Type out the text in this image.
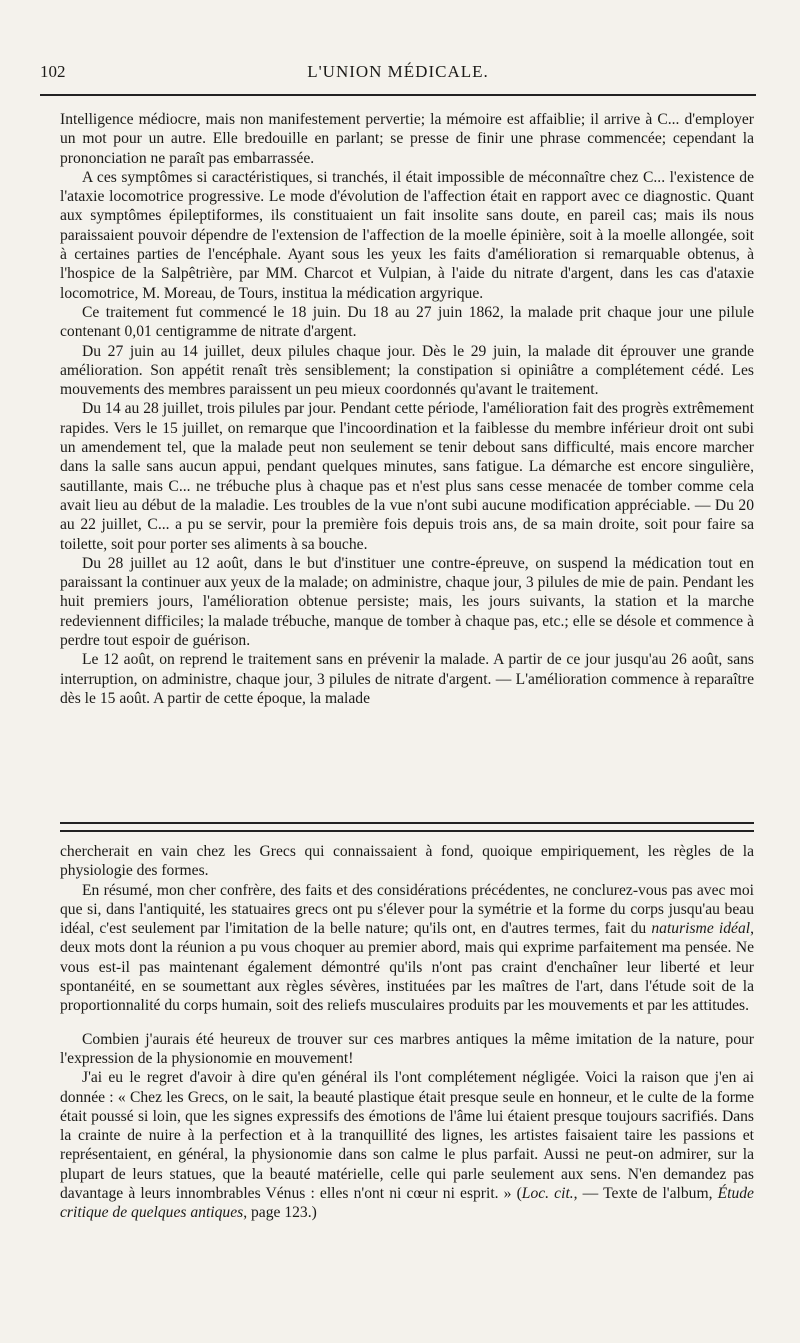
102	L'UNION MÉDICALE.

Intelligence médiocre, mais non manifestement pervertie; la mémoire est affaiblie; il arrive à C... d'employer un mot pour un autre. Elle bredouille en parlant; se presse de finir une phrase commencée; cependant la prononciation ne paraît pas embarrassée.

A ces symptômes si caractéristiques, si tranchés, il était impossible de méconnaître chez C... l'existence de l'ataxie locomotrice progressive. Le mode d'évolution de l'affection était en rapport avec ce diagnostic. Quant aux symptômes épileptiformes, ils constituaient un fait insolite sans doute, en pareil cas; mais ils nous paraissaient pouvoir dépendre de l'extension de l'affection de la moelle épinière, soit à la moelle allongée, soit à certaines parties de l'encéphale. Ayant sous les yeux les faits d'amélioration si remarquable obtenus, à l'hospice de la Salpêtrière, par MM. Charcot et Vulpian, à l'aide du nitrate d'argent, dans les cas d'ataxie locomotrice, M. Moreau, de Tours, institua la médication argyrique.

Ce traitement fut commencé le 18 juin. Du 18 au 27 juin 1862, la malade prit chaque jour une pilule contenant 0,01 centigramme de nitrate d'argent.

Du 27 juin au 14 juillet, deux pilules chaque jour. Dès le 29 juin, la malade dit éprouver une grande amélioration. Son appétit renaît très sensiblement; la constipation si opiniâtre a complétement cédé. Les mouvements des membres paraissent un peu mieux coordonnés qu'avant le traitement.

Du 14 au 28 juillet, trois pilules par jour. Pendant cette période, l'amélioration fait des progrès extrêmement rapides. Vers le 15 juillet, on remarque que l'incoordination et la faiblesse du membre inférieur droit ont subi un amendement tel, que la malade peut non seulement se tenir debout sans difficulté, mais encore marcher dans la salle sans aucun appui, pendant quelques minutes, sans fatigue. La démarche est encore singulière, sautillante, mais C... ne trébuche plus à chaque pas et n'est plus sans cesse menacée de tomber comme cela avait lieu au début de la maladie. Les troubles de la vue n'ont subi aucune modification appréciable. — Du 20 au 22 juillet, C... a pu se servir, pour la première fois depuis trois ans, de sa main droite, soit pour faire sa toilette, soit pour porter ses aliments à sa bouche.

Du 28 juillet au 12 août, dans le but d'instituer une contre-épreuve, on suspend la médication tout en paraissant la continuer aux yeux de la malade; on administre, chaque jour, 3 pilules de mie de pain. Pendant les huit premiers jours, l'amélioration obtenue persiste; mais, les jours suivants, la station et la marche redeviennent difficiles; la malade trébuche, manque de tomber à chaque pas, etc.; elle se désole et commence à perdre tout espoir de guérison.

Le 12 août, on reprend le traitement sans en prévenir la malade. A partir de ce jour jusqu'au 26 août, sans interruption, on administre, chaque jour, 3 pilules de nitrate d'argent. — L'amélioration commence à reparaître dès le 15 août. A partir de cette époque, la malade

chercherait en vain chez les Grecs qui connaissaient à fond, quoique empiriquement, les règles de la physiologie des formes.

En résumé, mon cher confrère, des faits et des considérations précédentes, ne conclurez-vous pas avec moi que si, dans l'antiquité, les statuaires grecs ont pu s'élever pour la symétrie et la forme du corps jusqu'au beau idéal, c'est seulement par l'imitation de la belle nature; qu'ils ont, en d'autres termes, fait du naturisme idéal, deux mots dont la réunion a pu vous choquer au premier abord, mais qui exprime parfaitement ma pensée. Ne vous est-il pas maintenant également démontré qu'ils n'ont pas craint d'enchaîner leur liberté et leur spontanéité, en se soumettant aux règles sévères, instituées par les maîtres de l'art, dans l'étude soit de la proportionnalité du corps humain, soit des reliefs musculaires produits par les mouvements et par les attitudes.

Combien j'aurais été heureux de trouver sur ces marbres antiques la même imitation de la nature, pour l'expression de la physionomie en mouvement!

J'ai eu le regret d'avoir à dire qu'en général ils l'ont complétement négligée. Voici la raison que j'en ai donnée : « Chez les Grecs, on le sait, la beauté plastique était presque seule en honneur, et le culte de la forme était poussé si loin, que les signes expressifs des émotions de l'âme lui étaient presque toujours sacrifiés. Dans la crainte de nuire à la perfection et à la tranquillité des lignes, les artistes faisaient taire les passions et représentaient, en général, la physionomie dans son calme le plus parfait. Aussi ne peut-on admirer, sur la plupart de leurs statues, que la beauté matérielle, celle qui parle seulement aux sens. N'en demandez pas davantage à leurs innombrables Vénus : elles n'ont ni cœur ni esprit. » (Loc. cit., — Texte de l'album, Étude critique de quelques antiques, page 123.)
